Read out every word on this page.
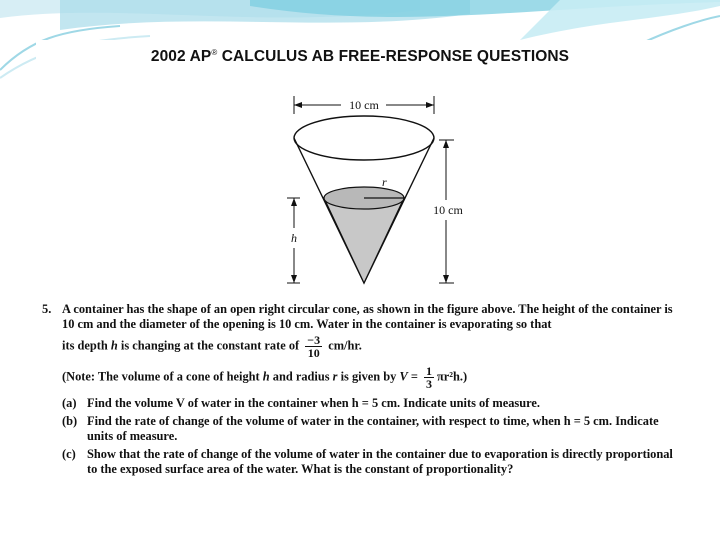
2002 AP® CALCULUS AB FREE-RESPONSE QUESTIONS
10 cm
r
10 cm
h
5. A container has the shape of an open right circular cone, as shown in the figure above. The height of the container is 10 cm and the diameter of the opening is 10 cm. Water in the container is evaporating so that
its depth h is changing at the constant rate of $\frac{-3}{10} cm/hr$.
(Note: The volume of a cone of height h and radius r is given by $V = \frac{1}{3} \pi r^2h$.)
(a) Find the volume V of water in the container when h = 5 cm. Indicate units of measure.
(b) Find the rate of change of the volume of water in the container, with respect to time, when h = 5 cm. Indicate units of measure.
(c) Show that the rate of change of the volume of water in the container due to evaporation is directly proportional to the exposed surface area of the water. What is the constant of proportionality?
